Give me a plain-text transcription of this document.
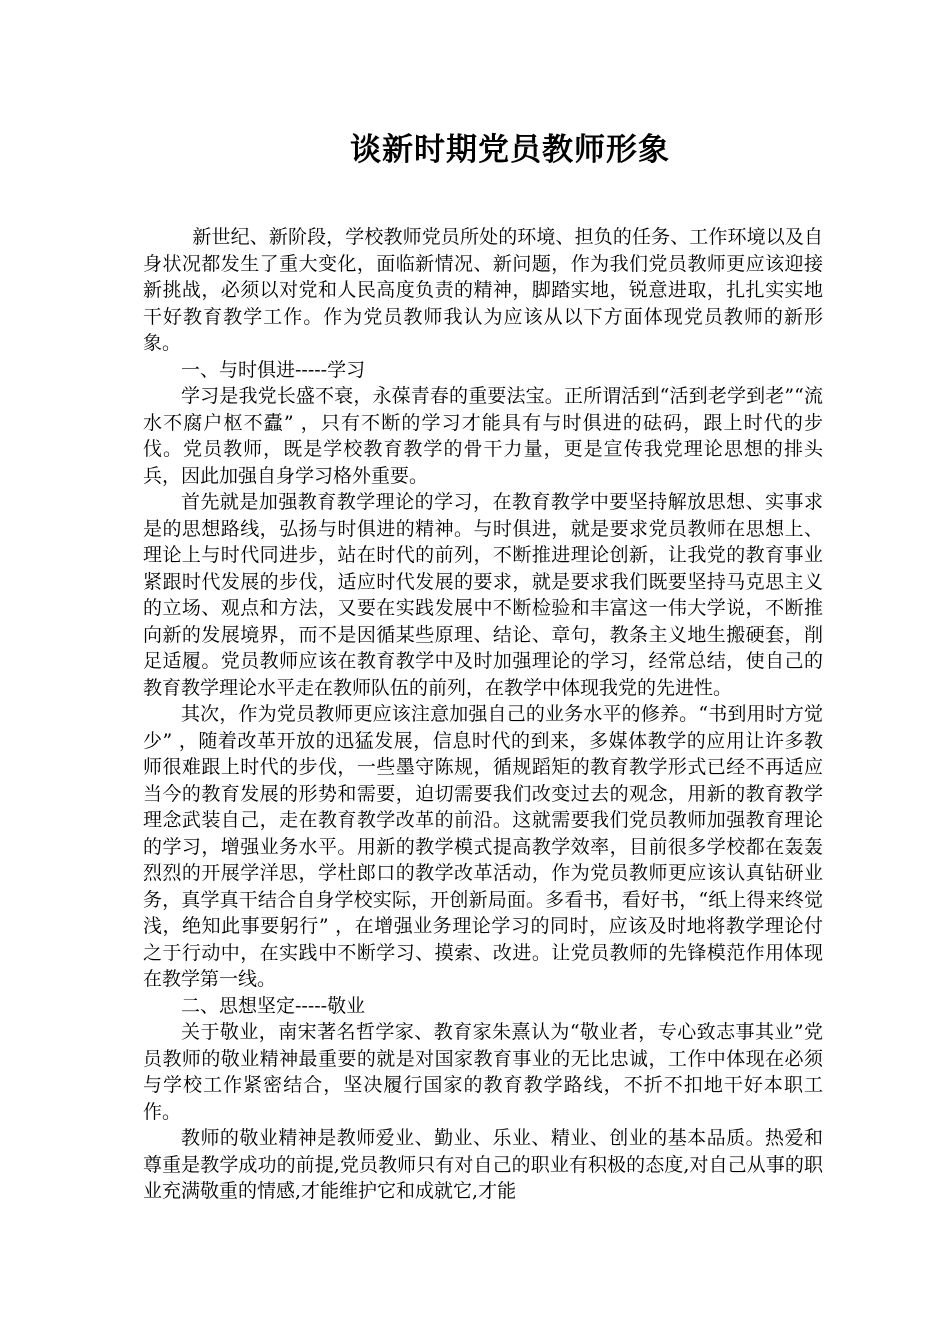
谈新时期党员教师形象

新世纪、新阶段，学校教师党员所处的环境、担负的任务、工作环境以及自身状况都发生了重大变化，面临新情况、新问题，作为我们党员教师更应该迎接新挑战，必须以对党和人民高度负责的精神，脚踏实地，锐意进取，扎扎实实地干好教育教学工作。作为党员教师我认为应该从以下方面体现党员教师的新形象。

一、与时俱进-----学习

学习是我党长盛不衰，永葆青春的重要法宝。正所谓活到“活到老学到老”“流水不腐户枢不蠹” ，只有不断的学习才能具有与时俱进的砝码，跟上时代的步伐。党员教师，既是学校教育教学的骨干力量，更是宣传我党理论思想的排头兵，因此加强自身学习格外重要。

首先就是加强教育教学理论的学习，在教育教学中要坚持解放思想、实事求是的思想路线，弘扬与时俱进的精神。与时俱进，就是要求党员教师在思想上、理论上与时代同进步，站在时代的前列，不断推进理论创新，让我党的教育事业紧跟时代发展的步伐，适应时代发展的要求，就是要求我们既要坚持马克思主义的立场、观点和方法，又要在实践发展中不断检验和丰富这一伟大学说，不断推向新的发展境界，而不是因循某些原理、结论、章句，教条主义地生搬硬套，削足适履。党员教师应该在教育教学中及时加强理论的学习，经常总结，使自己的教育教学理论水平走在教师队伍的前列，在教学中体现我党的先进性。

其次，作为党员教师更应该注意加强自己的业务水平的修养。“书到用时方觉少” ，随着改革开放的迅猛发展，信息时代的到来，多媒体教学的应用让许多教师很难跟上时代的步伐，一些墨守陈规，循规蹈矩的教育教学形式已经不再适应当今的教育发展的形势和需要，迫切需要我们改变过去的观念，用新的教育教学理念武装自己，走在教育教学改革的前沿。这就需要我们党员教师加强教育理论的学习，增强业务水平。用新的教学模式提高教学效率，目前很多学校都在轰轰烈烈的开展学洋思，学杜郎口的教学改革活动，作为党员教师更应该认真钻研业务，真学真干结合自身学校实际，开创新局面。多看书，看好书，“纸上得来终觉浅，绝知此事要躬行” ，在增强业务理论学习的同时，应该及时地将教学理论付之于行动中，在实践中不断学习、摸索、改进。让党员教师的先锋模范作用体现在教学第一线。

二、思想坚定-----敬业

关于敬业，南宋著名哲学家、教育家朱熹认为“敬业者，专心致志事其业”党员教师的敬业精神最重要的就是对国家教育事业的无比忠诚，工作中体现在必须与学校工作紧密结合，坚决履行国家的教育教学路线，不折不扣地干好本职工作。

教师的敬业精神是教师爱业、勤业、乐业、精业、创业的基本品质。热爱和尊重是教学成功的前提,党员教师只有对自己的职业有积极的态度,对自己从事的职业充满敬重的情感,才能维护它和成就它,才能
